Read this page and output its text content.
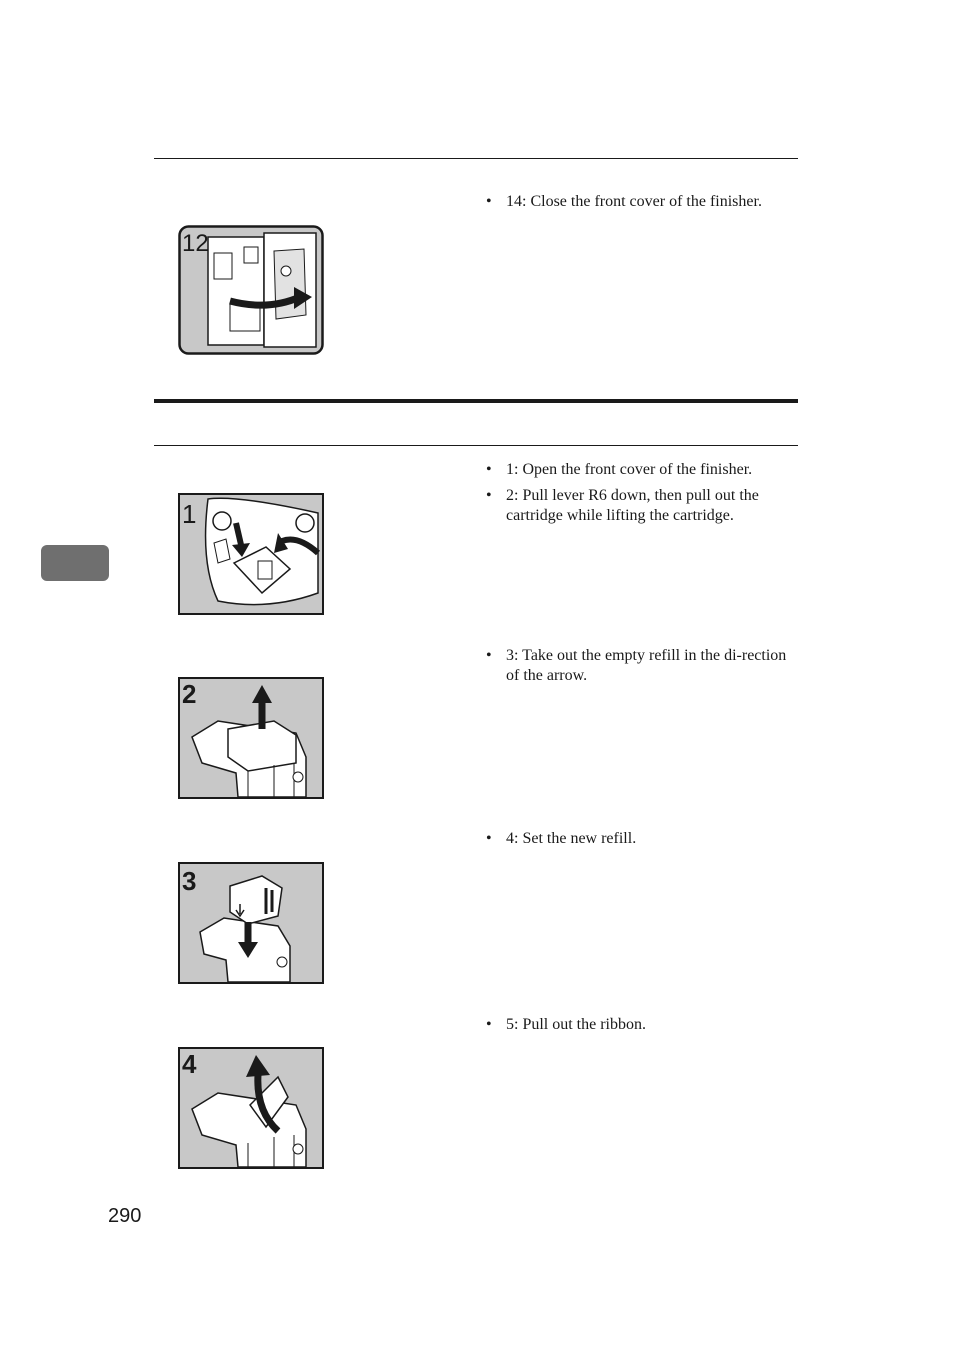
12
• 14: Close the front cover of the finisher.
1
• 1: Open the front cover of the finisher.
• 2: Pull lever R6 down, then pull out the cartridge while lifting the cartridge.
2
• 3: Take out the empty refill in the di-rection of the arrow.
3
• 4: Set the new refill.
4
• 5: Pull out the ribbon.
290
